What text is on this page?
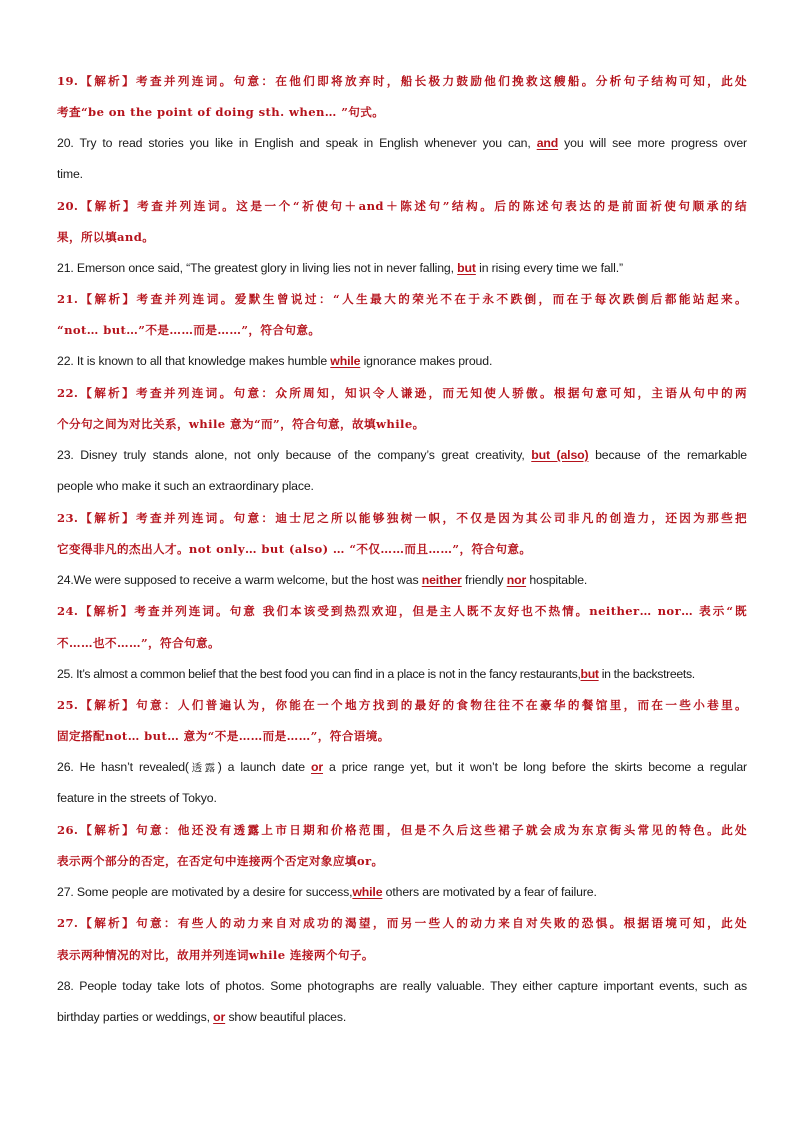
19.【解析】考查并列连词。句意：在他们即将放弃时，船长极力鼓励他们挽救这艘船。分析句子结构可知，此处
考查“be on the point of doing sth. when… ”句式。
20. Try to read stories you like in English and speak in English whenever you can, and you will see more progress over
time.
20.【解析】考查并列连词。这是一个“祈使句＋and＋陈述句”结构。后的陈述句表达的是前面祈使句顺承的结
果，所以填and。
21. Emerson once said, “The greatest glory in living lies not in never falling, but in rising every time we fall.”
21.【解析】考查并列连词。爱默生曾说过：“人生最大的荣光不在于永不跌倒，而在于每次跌倒后都能站起来。
“not… but…”不是……而是……”，符合句意。
22. It is known to all that knowledge makes humble while ignorance makes proud.
22.【解析】考查并列连词。句意：众所周知，知识令人谦逊，而无知使人骄傲。根据句意可知，主语从句中的两
个分句之间为对比关系，while 意为“而”，符合句意，故填while。
23. Disney truly stands alone, not only because of the company’s great creativity, but (also) because of the remarkable
people who make it such an extraordinary place.
23.【解析】考查并列连词。句意：迪士尼之所以能够独树一帜，不仅是因为其公司非凡的创造力，还因为那些把
它变得非凡的杰出人才。not only… but (also) … “不仅……而且……”，符合句意。
24.We were supposed to receive a warm welcome, but the host was neither friendly nor hospitable.
24.【解析】考查并列连词。句意 我们本该受到热烈欢迎，但是主人既不友好也不热情。neither… nor… 表示“既
不……也不……”，符合句意。
25. It’s almost a common belief that the best food you can find in a place is not in the fancy restaurants,but in the backstreets.
25.【解析】句意：人们普遍认为，你能在一个地方找到的最好的食物往往不在豪华的餐馆里，而在一些小巷里。
固定搭配not… but… 意为“不是……而是……”，符合语境。
26. He hasn’t revealed(透露) a launch date or a price range yet, but it won’t be long before the skirts become a regular
feature in the streets of Tokyo.
26.【解析】句意：他还没有透露上市日期和价格范围，但是不久后这些裙子就会成为东京街头常见的特色。此处
表示两个部分的否定，在否定句中连接两个否定对象应填or。
27. Some people are motivated by a desire for success,while others are motivated by a fear of failure.
27.【解析】句意：有些人的动力来自对成功的渴望，而另一些人的动力来自对失败的恐惧。根据语境可知，此处
表示两种情况的对比，故用并列连词while 连接两个句子。
28. People today take lots of photos. Some photographs are really valuable. They either capture important events, such as
birthday parties or weddings, or show beautiful places.
